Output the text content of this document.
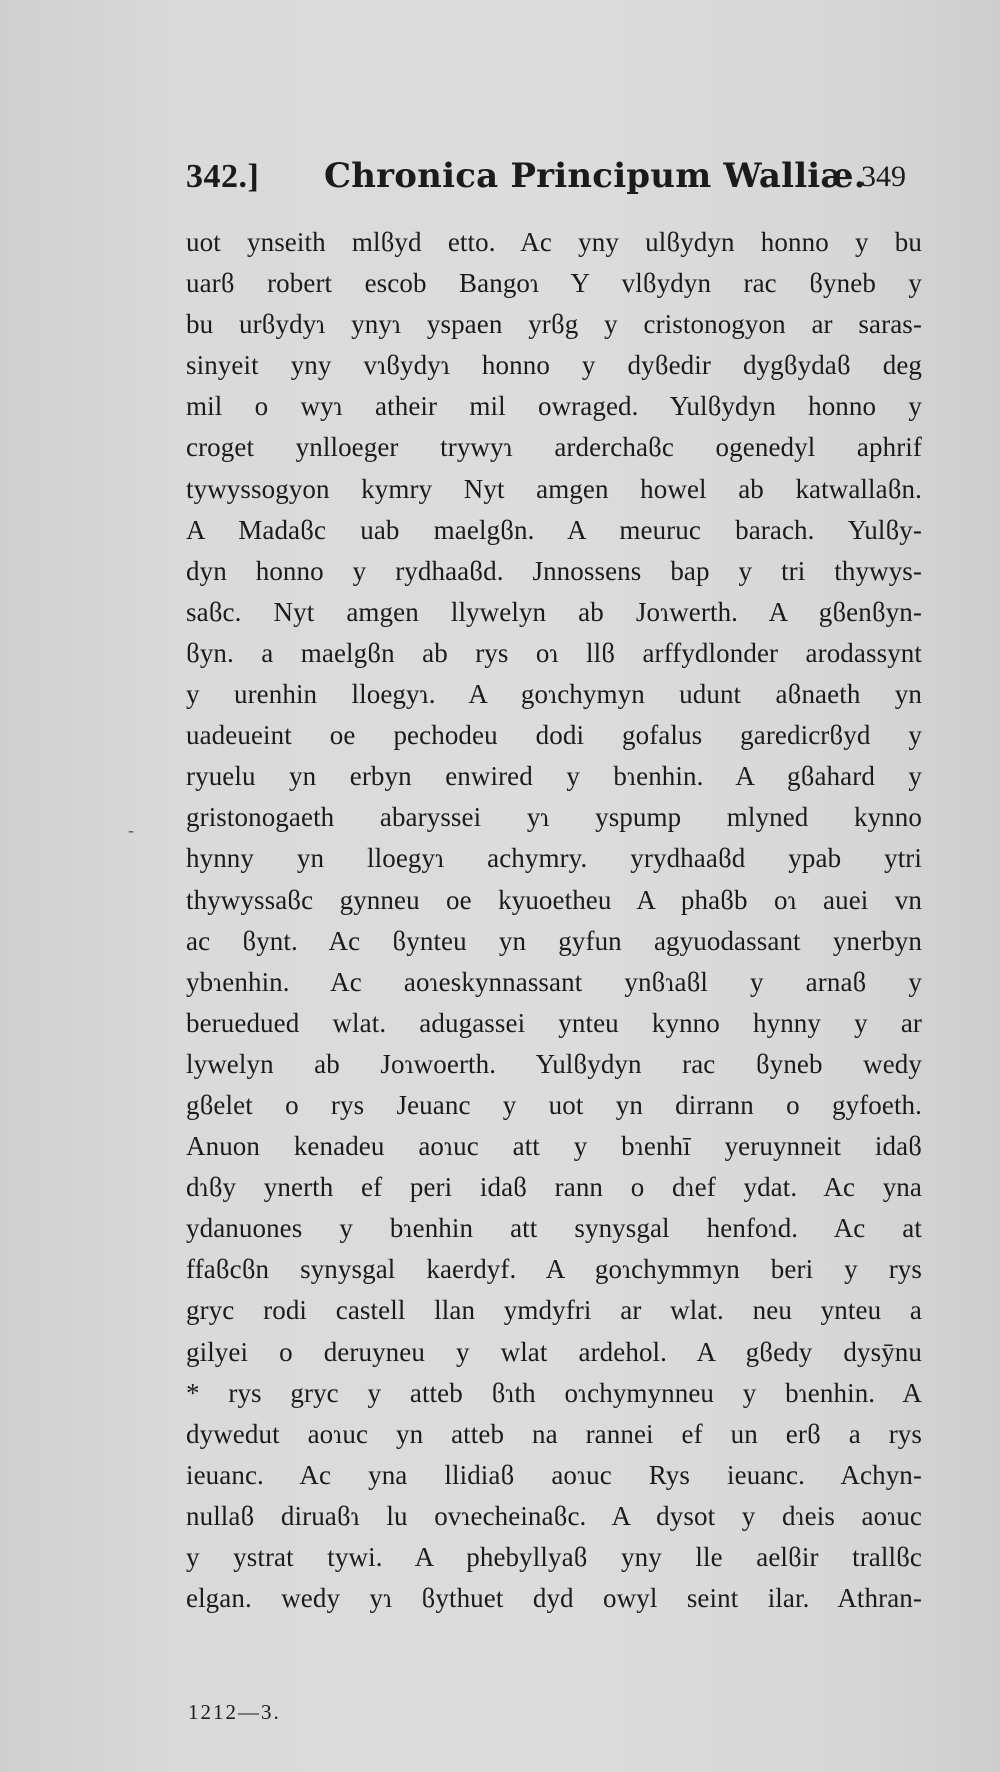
342.] Chronica Principum Walliæ.
349
‑
uot ynseith mlϐyd etto. Ac yny ulϐydyn honno y bu
uarϐ robert escob Bangoɿ Y vlϐydyn rac ϐyneb y
bu urϐydyɿ ynyɿ yspaen yrϐg y cristonogyon ar saras-
sinyeit yny vɿϐydyɿ honno y dyϐedir dygϐydaϐ deg
mil o wyɿ atheir mil owraged. Yulϐydyn honno y
croget ynlloeger trywyɿ arderchaϐc ogenedyl aphrif
tywyssogyon kymry Nyt amgen howel ab katwallaϐn.
A Madaϐc uab maelgϐn. A meuruc barach. Yulϐy-
dyn honno y rydhaaϐd. Jnnossens bap y tri thywys-
saϐc. Nyt amgen llywelyn ab Joɿwerth. A gϐenϐyn-
ϐyn. a maelgϐn ab rys oɿ llϐ arffydlonder arodassynt
y urenhin lloegyɿ. A goɿchymyn udunt aϐnaeth yn
uadeueint oe pechodeu dodi gofalus garedicrϐyd y
ryuelu yn erbyn enwired y bɿenhin. A gϐahard y
gristonogaeth abaryssei yɿ yspump mlyned kynno
hynny yn lloegyɿ achymry. yrydhaaϐd ypab ytri
thywyssaϐc gynneu oe kyuoetheu A phaϐb oɿ auei vn
ac ϐynt. Ac ϐynteu yn gyfun agyuodassant ynerbyn
ybɿenhin. Ac aoɿeskynnassant ynϐɿaϐl y arnaϐ y
beruedued wlat. adugassei ynteu kynno hynny y ar
lywelyn ab Joɿwoerth. Yulϐydyn rac ϐyneb wedy
gϐelet o rys Jeuanc y uot yn dirrann o gyfoeth.
Anuon kenadeu aoɿuc att y bɿenhī yeruynneit idaϐ
dɿϐy ynerth ef peri idaϐ rann o dɿef ydat. Ac yna
ydanuones y bɿenhin att synysgal henfoɿd. Ac at
ffaϐcϐn synysgal kaerdyf. A goɿchymmyn beri y rys
gryc rodi castell llan ymdyfri ar wlat. neu ynteu a
gilyei o deruyneu y wlat ardehol. A gϐedy dysȳnu
* rys gryc y atteb ϐɿth oɿchymynneu y bɿenhin. A
dywedut aoɿuc yn atteb na rannei ef un erϐ a rys
ieuanc. Ac yna llidiaϐ aoɿuc Rys ieuanc. Achyn-
nullaϐ diruaϐɿ lu ovɿecheinaϐc. A dysot y dɿeis aoɿuc
y ystrat tywi. A phebyllyaϐ yny lle aelϐir trallϐc
elgan. wedy yɿ ϐythuet dyd owyl seint ilar. Athran-
1212—3.
